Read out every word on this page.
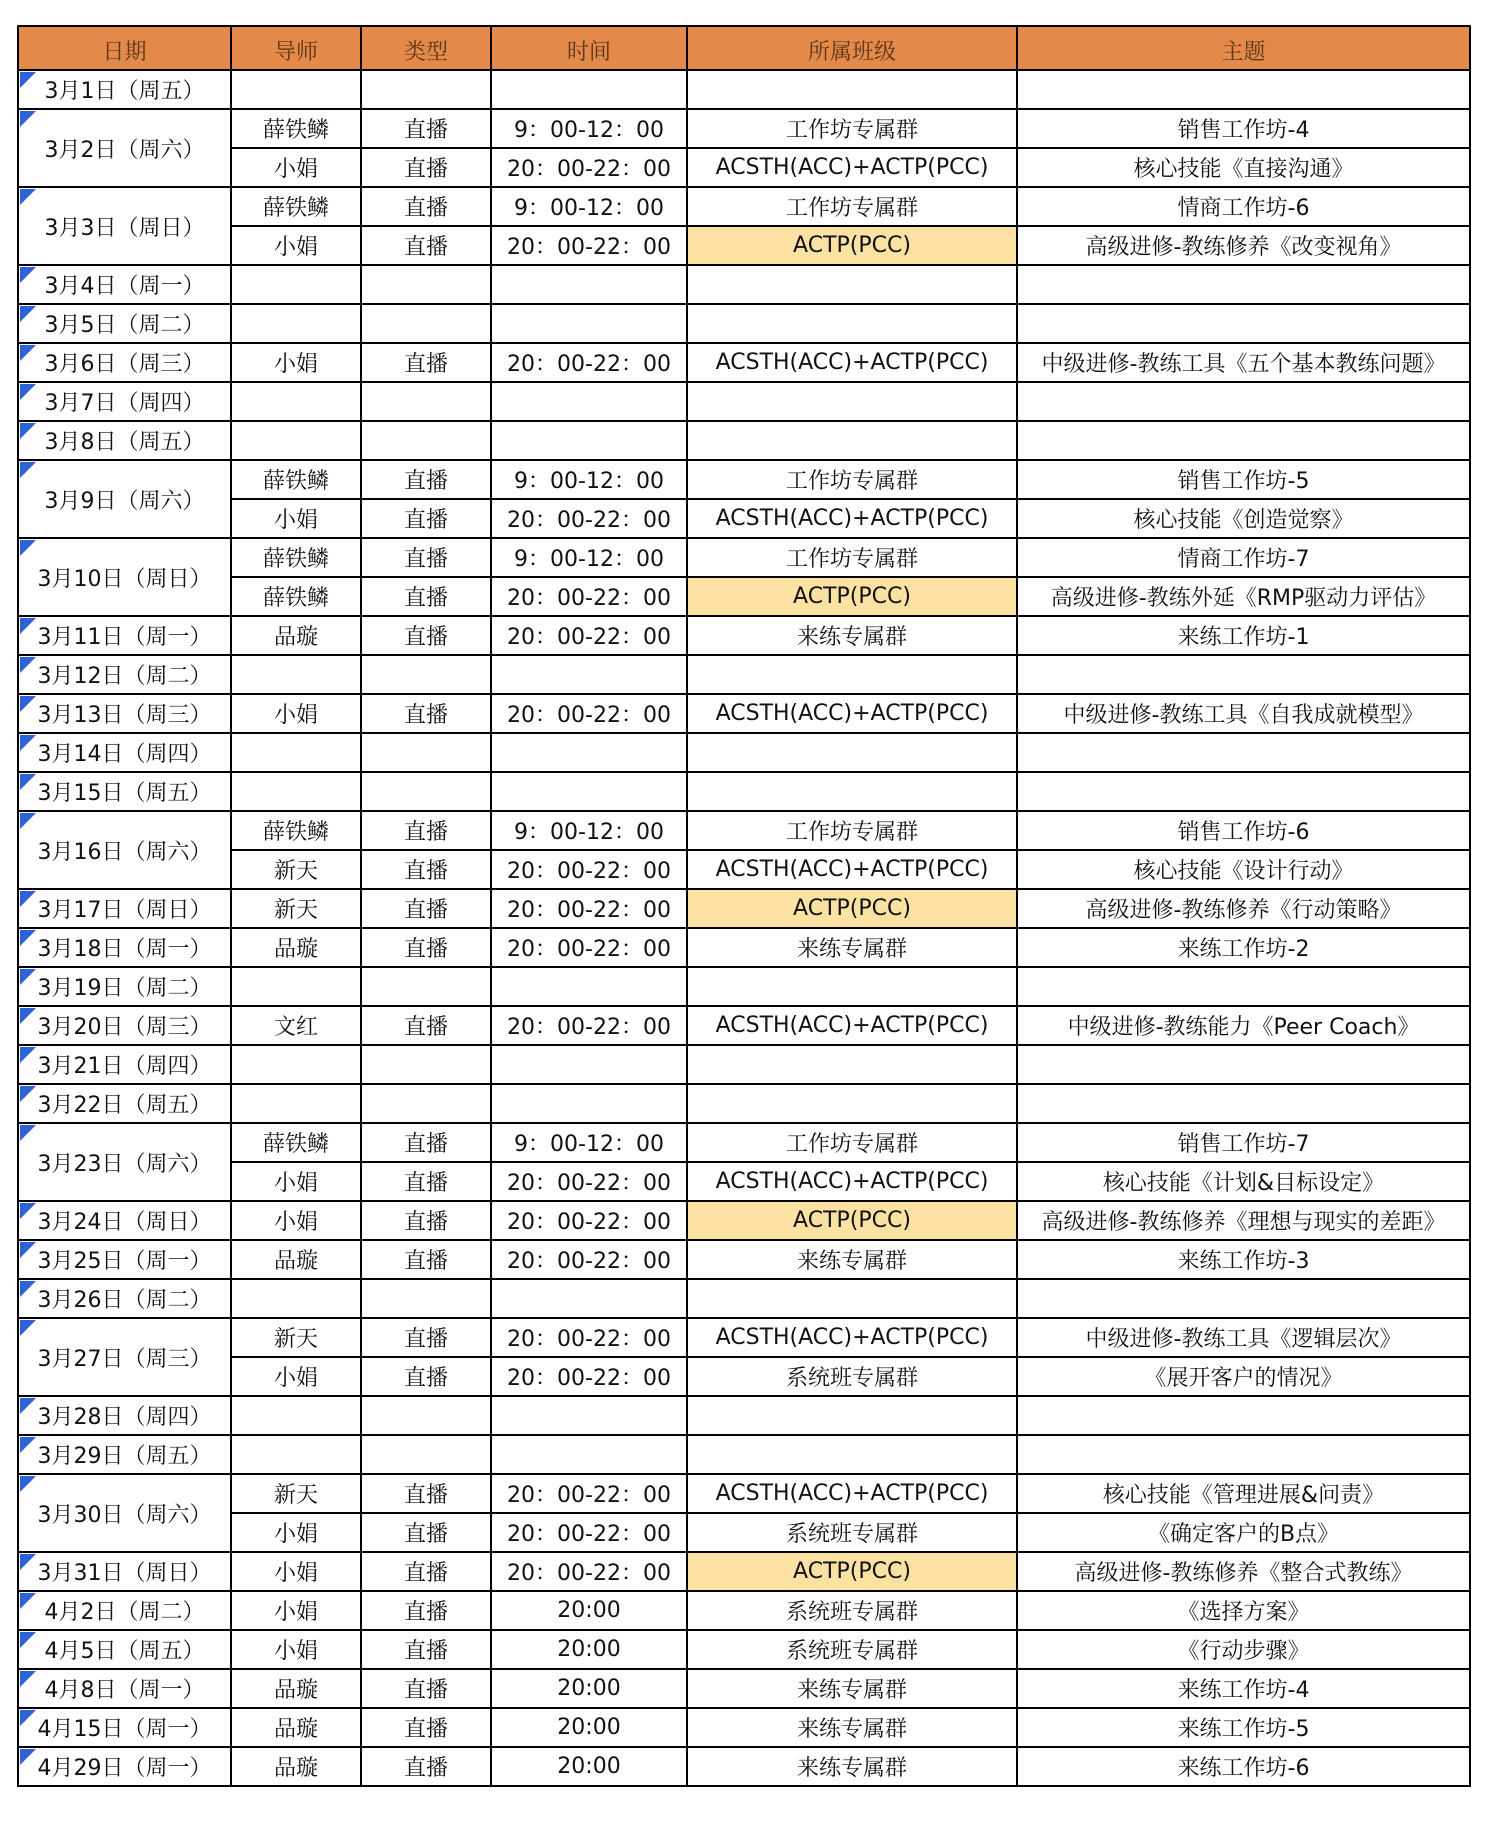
日期	导师	类型	时间	所属班级	主题
3月1日（周五）					
3月2日（周六）	薛铁鳞	直播	9：00-12：00	工作坊专属群	销售工作坊-4
	小娟	直播	20：00-22：00	ACSTH(ACC)+ACTP(PCC)	核心技能《直接沟通》
3月3日（周日）	薛铁鳞	直播	9：00-12：00	工作坊专属群	情商工作坊-6
	小娟	直播	20：00-22：00	ACTP(PCC)	高级进修-教练修养《改变视角》
3月4日（周一）					
3月5日（周二）					
3月6日（周三）	小娟	直播	20：00-22：00	ACSTH(ACC)+ACTP(PCC)	中级进修-教练工具《五个基本教练问题》
3月7日（周四）					
3月8日（周五）					
3月9日（周六）	薛铁鳞	直播	9：00-12：00	工作坊专属群	销售工作坊-5
	小娟	直播	20：00-22：00	ACSTH(ACC)+ACTP(PCC)	核心技能《创造觉察》
3月10日（周日）	薛铁鳞	直播	9：00-12：00	工作坊专属群	情商工作坊-7
	薛铁鳞	直播	20：00-22：00	ACTP(PCC)	高级进修-教练外延《RMP驱动力评估》
3月11日（周一）	品璇	直播	20：00-22：00	来练专属群	来练工作坊-1
3月12日（周二）					
3月13日（周三）	小娟	直播	20：00-22：00	ACSTH(ACC)+ACTP(PCC)	中级进修-教练工具《自我成就模型》
3月14日（周四）					
3月15日（周五）					
3月16日（周六）	薛铁鳞	直播	9：00-12：00	工作坊专属群	销售工作坊-6
	新天	直播	20：00-22：00	ACSTH(ACC)+ACTP(PCC)	核心技能《设计行动》
3月17日（周日）	新天	直播	20：00-22：00	ACTP(PCC)	高级进修-教练修养《行动策略》
3月18日（周一）	品璇	直播	20：00-22：00	来练专属群	来练工作坊-2
3月19日（周二）					
3月20日（周三）	文红	直播	20：00-22：00	ACSTH(ACC)+ACTP(PCC)	中级进修-教练能力《Peer Coach》
3月21日（周四）					
3月22日（周五）					
3月23日（周六）	薛铁鳞	直播	9：00-12：00	工作坊专属群	销售工作坊-7
	小娟	直播	20：00-22：00	ACSTH(ACC)+ACTP(PCC)	核心技能《计划&目标设定》
3月24日（周日）	小娟	直播	20：00-22：00	ACTP(PCC)	高级进修-教练修养《理想与现实的差距》
3月25日（周一）	品璇	直播	20：00-22：00	来练专属群	来练工作坊-3
3月26日（周二）					
3月27日（周三）	新天	直播	20：00-22：00	ACSTH(ACC)+ACTP(PCC)	中级进修-教练工具《逻辑层次》
	小娟	直播	20：00-22：00	系统班专属群	《展开客户的情况》
3月28日（周四）					
3月29日（周五）					
3月30日（周六）	新天	直播	20：00-22：00	ACSTH(ACC)+ACTP(PCC)	核心技能《管理进展&问责》
	小娟	直播	20：00-22：00	系统班专属群	《确定客户的B点》
3月31日（周日）	小娟	直播	20：00-22：00	ACTP(PCC)	高级进修-教练修养《整合式教练》
4月2日（周二）	小娟	直播	20:00	系统班专属群	《选择方案》
4月5日（周五）	小娟	直播	20:00	系统班专属群	《行动步骤》
4月8日（周一）	品璇	直播	20:00	来练专属群	来练工作坊-4
4月15日（周一）	品璇	直播	20:00	来练专属群	来练工作坊-5
4月29日（周一）	品璇	直播	20:00	来练专属群	来练工作坊-6
